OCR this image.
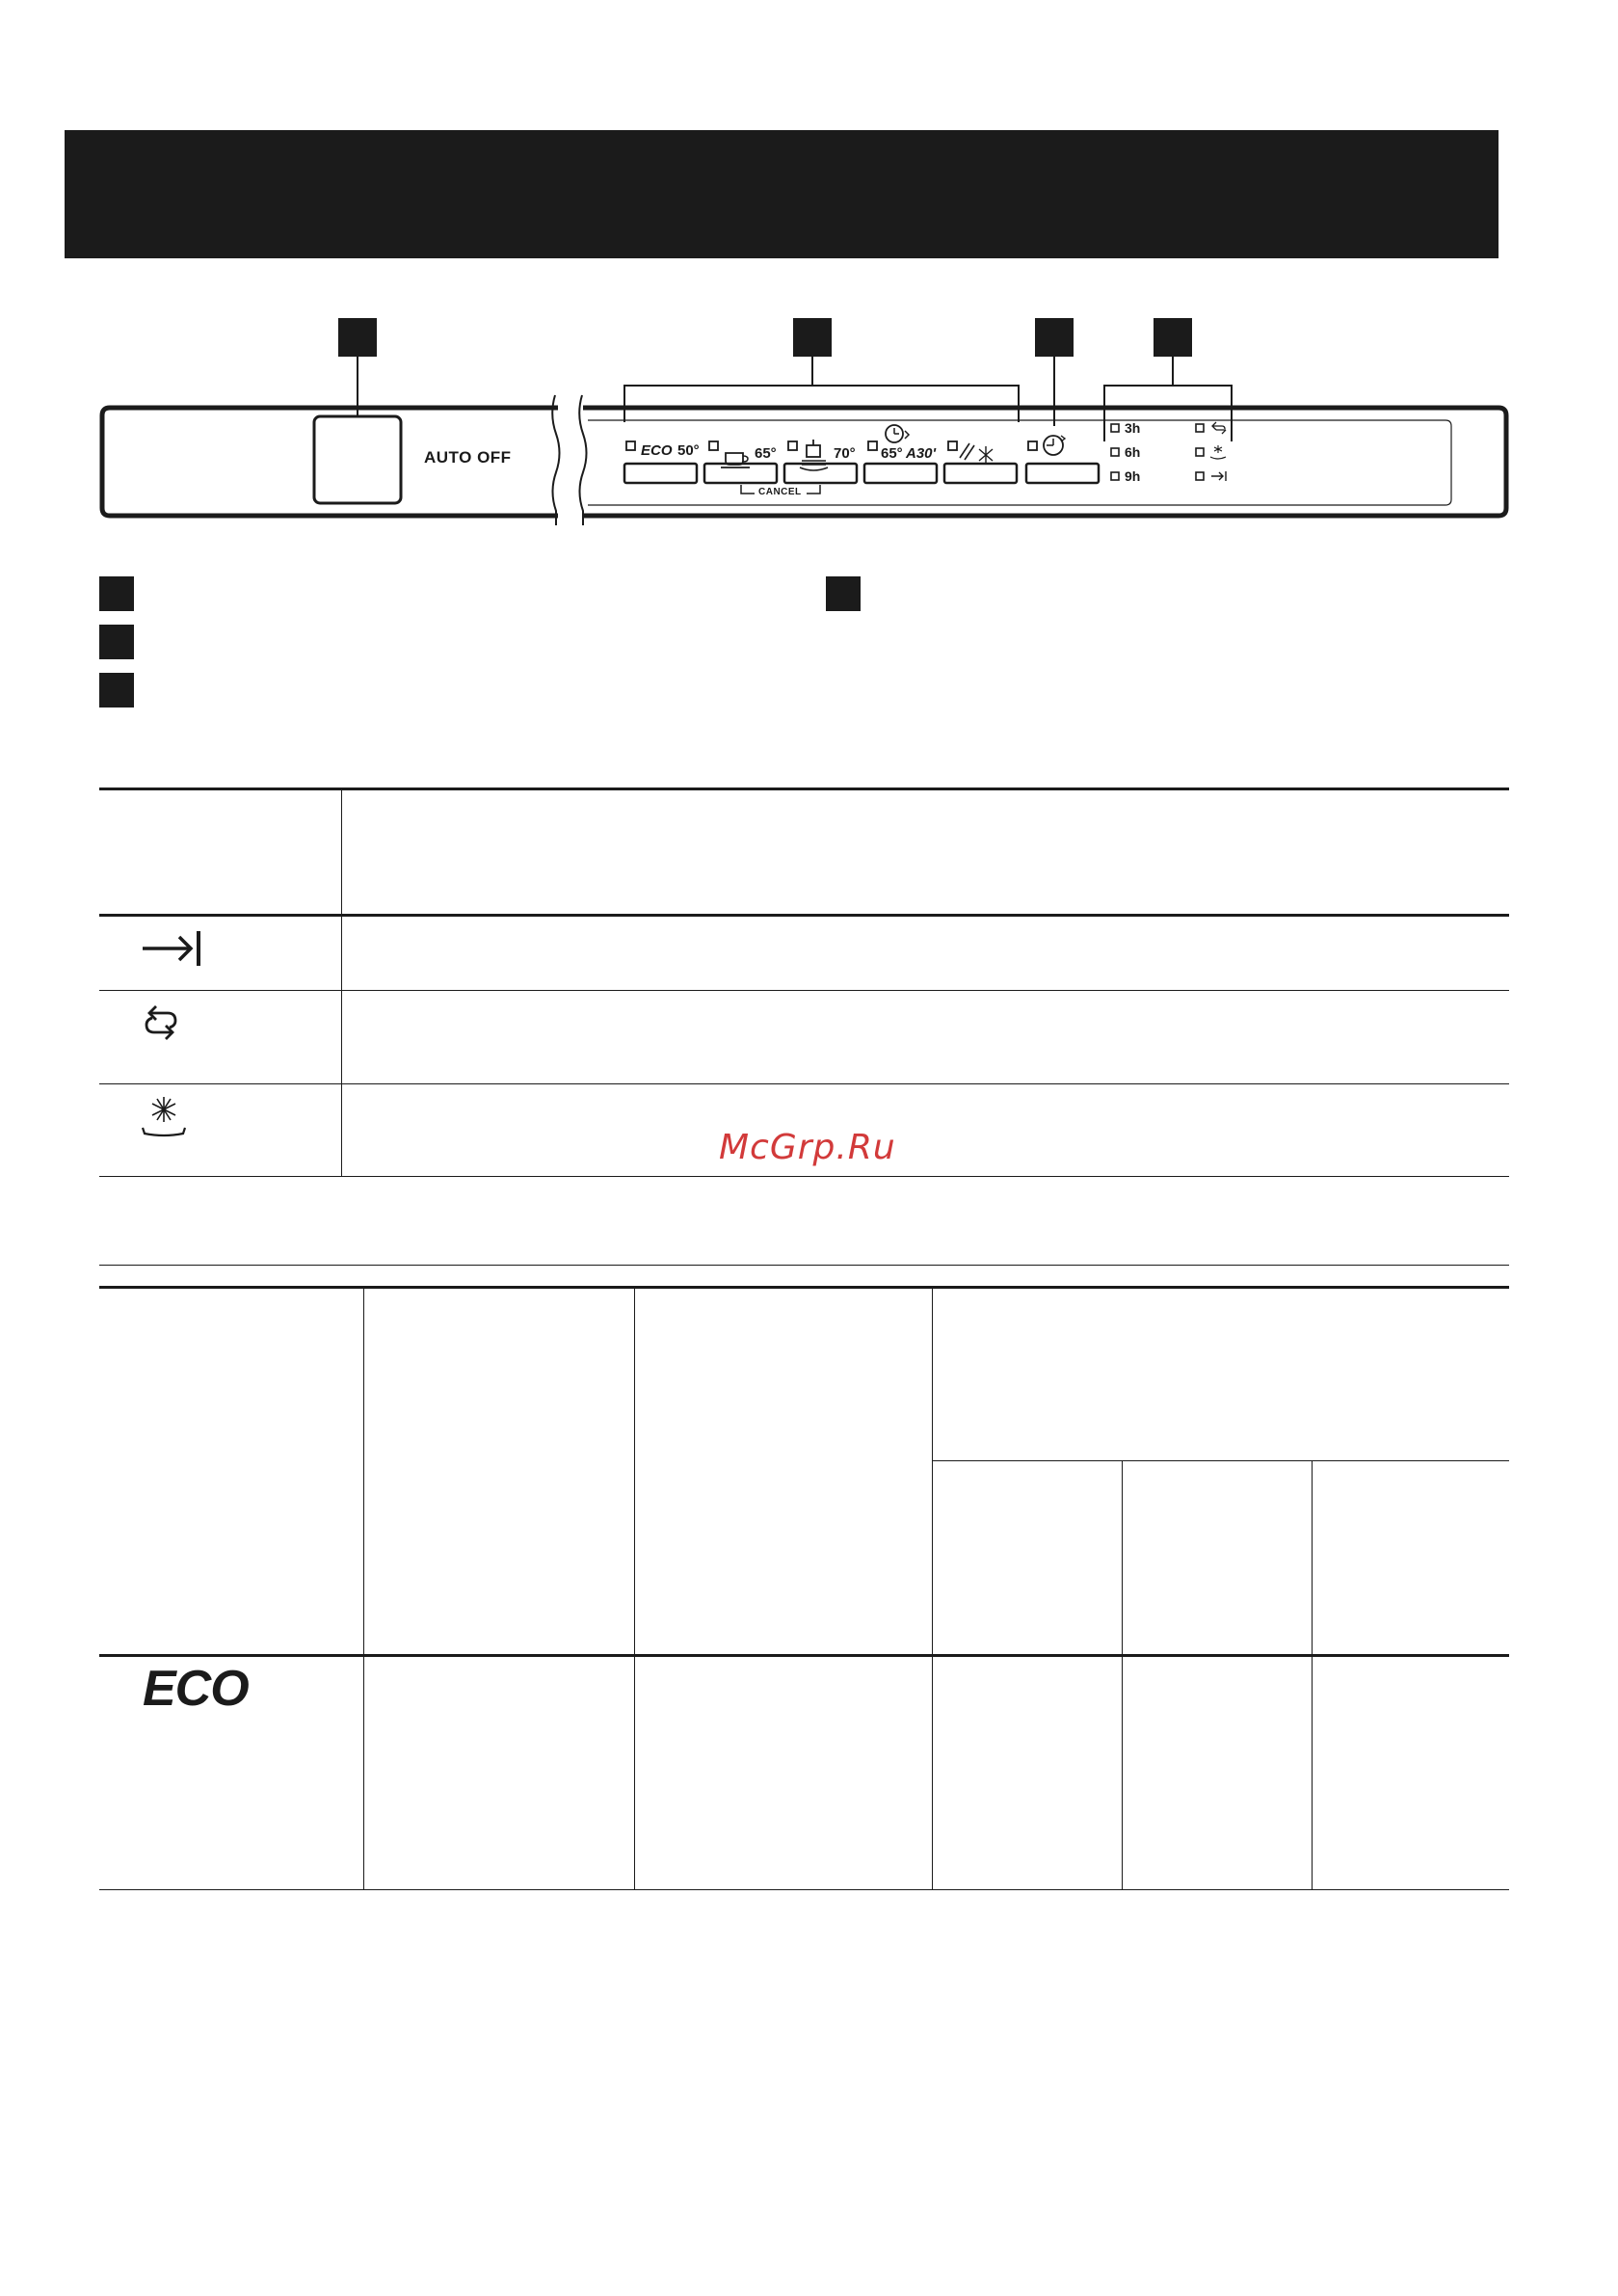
AUTO OFF	ECO 50°	65°	70° 65° A30'
CANCEL
3h
6h
9h
McGrp.Ru
ECO
